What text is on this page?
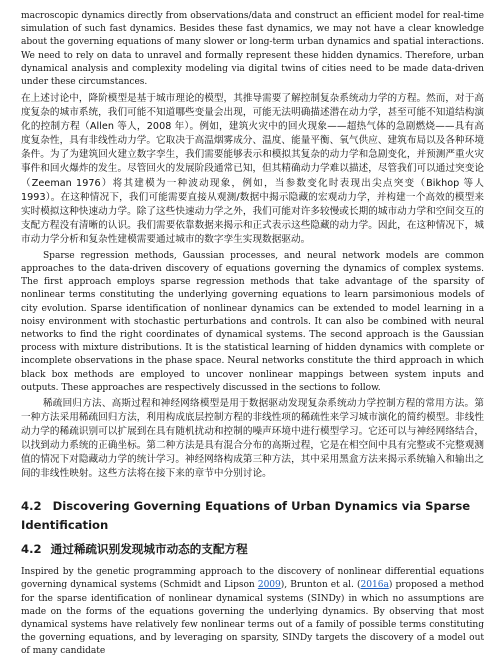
macroscopic dynamics directly from observations/data and construct an efficient model for real-time simulation of such fast dynamics. Besides these fast dynamics, we may not have a clear knowledge about the governing equations of many slower or long-term urban dynamics and spatial interactions. We need to rely on data to unravel and formally represent these hidden dynamics. Therefore, urban dynamical analysis and complexity modeling via digital twins of cities need to be made data-driven under these circumstances.

在上述讨论中，降阶模型是基于城市理论的模型，其推导需要了解控制复杂系统动力学的方程。然而，对于高度复杂的城市系统，我们可能不知道哪些变量会出现，可能无法明确描述潜在动力学，甚至可能不知道结构演化的控制方程（Allen 等人，2008 年）。例如，建筑火灾中的回火现象——超热气体的急剧燃烧——具有高度复杂性，具有非线性动力学。它取决于高温烟雾成分、温度、能量平衡、氧气供应、建筑布局以及各种环境条件。为了为建筑回火建立数字孪生，我们需要能够表示和模拟其复杂的动力学和急剧变化，并预测严重火灾事件和回火爆炸的发生。尽管回火的发展阶段通常已知，但其精确动力学难以描述，尽管我们可以通过突变论（Zeeman 1976）将其建模为一种波动现象，例如，当参数变化时表现出尖点突变（Bikhop 等人 1993）。在这种情况下，我们可能需要直接从观测/数据中揭示隐藏的宏观动力学，并构建一个高效的模型来实时模拟这种快速动力学。除了这些快速动力学之外，我们可能对许多较慢或长期的城市动力学和空间交互的支配方程没有清晰的认识。我们需要依靠数据来揭示和正式表示这些隐藏的动力学。因此，在这种情况下，城市动力学分析和复杂性建模需要通过城市的数字孪生实现数据驱动。

Sparse regression methods, Gaussian processes, and neural network models are common approaches to the data-driven discovery of equations governing the dynamics of complex systems. The first approach employs sparse regression methods that take advantage of the sparsity of nonlinear terms constituting the underlying governing equations to learn parsimonious models of city evolution. Sparse identification of nonlinear dynamics can be extended to model learning in a noisy environment with stochastic perturbations and controls. It can also be combined with neural networks to find the right coordinates of dynamical systems. The second approach is the Gaussian process with mixture distributions. It is the statistical learning of hidden dynamics with complete or incomplete observations in the phase space. Neural networks constitute the third approach in which black box methods are employed to uncover nonlinear mappings between system inputs and outputs. These approaches are respectively discussed in the sections to follow.

稀疏回归方法、高斯过程和神经网络模型是用于数据驱动发现复杂系统动力学控制方程的常用方法。第一种方法采用稀疏回归方法，利用构成底层控制方程的非线性项的稀疏性来学习城市演化的简约模型。非线性动力学的稀疏识别可以扩展到在具有随机扰动和控制的噪声环境中进行模型学习。它还可以与神经网络结合，以找到动力系统的正确坐标。第二种方法是具有混合分布的高斯过程，它是在相空间中具有完整或不完整观测值的情况下对隐藏动力学的统计学习。神经网络构成第三种方法，其中采用黑盒方法来揭示系统输入和输出之间的非线性映射。这些方法将在接下来的章节中分别讨论。

4.2 Discovering Governing Equations of Urban Dynamics via Sparse Identification
4.2 通过稀疏识别发现城市动态的支配方程

Inspired by the genetic programming approach to the discovery of nonlinear differential equations governing dynamical systems (Schmidt and Lipson 2009), Brunton et al. (2016a) proposed a method for the sparse identification of nonlinear dynamical systems (SINDy) in which no assumptions are made on the forms of the equations governing the underlying dynamics. By observing that most dynamical systems have relatively few nonlinear terms out of a family of possible terms constituting the governing equations, and by leveraging on sparsity, SINDy targets the discovery of a model out of many candidate
